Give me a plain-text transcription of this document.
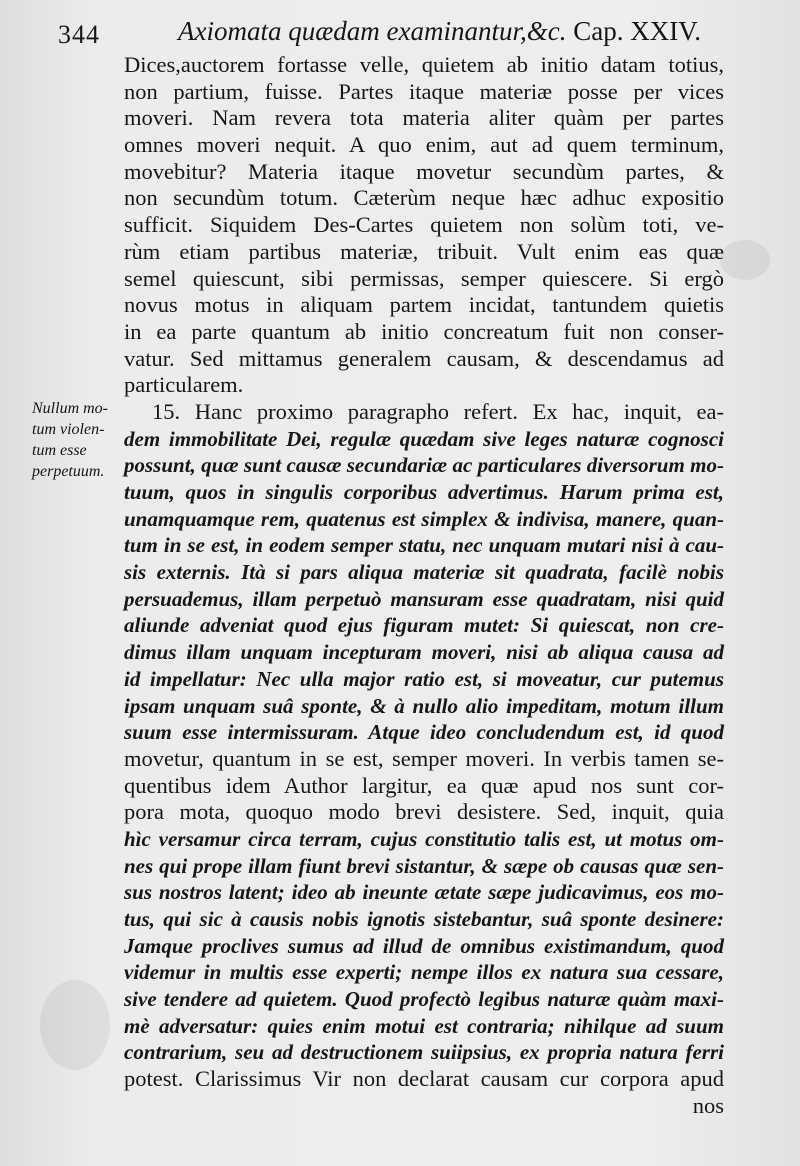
344	Axiomata quædam examinantur,&c. Cap. XXIV.
Nullum mo-
tum violen-
tum esse
perpetuum.
Dices,auctorem fortasse velle, quietem ab initio datam totius,
non partium, fuisse. Partes itaque materiæ posse per vices
moveri. Nam revera tota materia aliter quàm per partes
omnes moveri nequit. A quo enim, aut ad quem terminum,
movebitur? Materia itaque movetur secundùm partes, &
non secundùm totum. Cæterùm neque hæc adhuc expositio
sufficit. Siquidem Des-Cartes quietem non solùm toti, ve-
rùm etiam partibus materiæ, tribuit. Vult enim eas quæ
semel quiescunt, sibi permissas, semper quiescere. Si ergò
novus motus in aliquam partem incidat, tantundem quietis
in ea parte quantum ab initio concreatum fuit non conser-
vatur. Sed mittamus generalem causam, & descendamus ad
particularem.
15. Hanc proximo paragrapho refert. Ex hac, inquit, ea-
dem immobilitate Dei, regulæ quædam sive leges naturæ cognosci
possunt, quæ sunt causæ secundariæ ac particulares diversorum mo-
tuum, quos in singulis corporibus advertimus. Harum prima est,
unamquamque rem, quatenus est simplex & indivisa, manere, quan-
tum in se est, in eodem semper statu, nec unquam mutari nisi à cau-
sis externis. Ità si pars aliqua materiæ sit quadrata, facilè nobis
persuademus, illam perpetuò mansuram esse quadratam, nisi quid
aliunde adveniat quod ejus figuram mutet: Si quiescat, non cre-
dimus illam unquam incepturam moveri, nisi ab aliqua causa ad
id impellatur: Nec ulla major ratio est, si moveatur, cur putemus
ipsam unquam suâ sponte, & à nullo alio impeditam, motum illum
suum esse intermissuram. Atque ideo concludendum est, id quod
movetur, quantum in se est, semper moveri. In verbis tamen se-
quentibus idem Author largitur, ea quæ apud nos sunt cor-
pora mota, quoquo modo brevi desistere. Sed, inquit, quia
hìc versamur circa terram, cujus constitutio talis est, ut motus om-
nes qui prope illam fiunt brevi sistantur, & sæpe ob causas quæ sen-
sus nostros latent; ideo ab ineunte ætate sæpe judicavimus, eos mo-
tus, qui sic à causis nobis ignotis sistebantur, suâ sponte desinere:
Jamque proclives sumus ad illud de omnibus existimandum, quod
videmur in multis esse experti; nempe illos ex natura sua cessare,
sive tendere ad quietem. Quod profectò legibus naturæ quàm maxi-
mè adversatur: quies enim motui est contraria; nihilque ad suum
contrarium, seu ad destructionem suiipsius, ex propria natura ferri
potest. Clarissimus Vir non declarat causam cur corpora apud
nos
